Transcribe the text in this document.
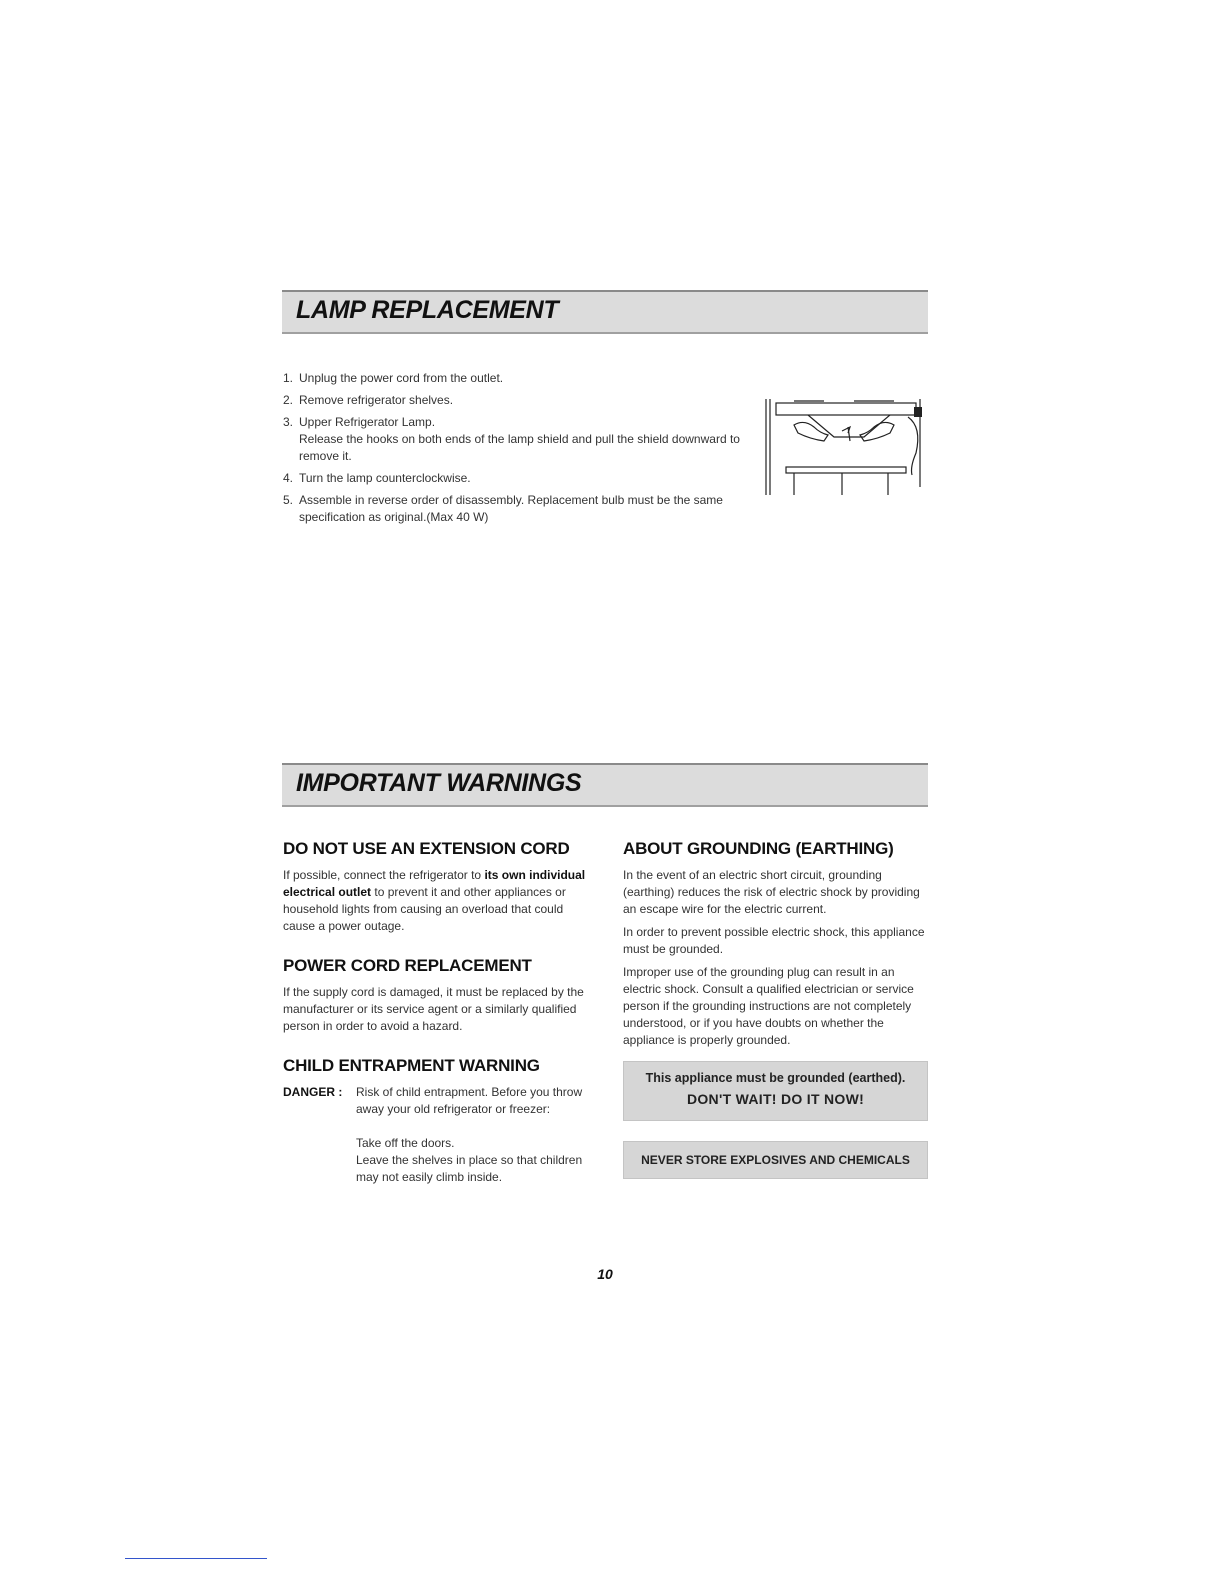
LAMP REPLACEMENT
1. Unplug the power cord from the outlet.
2. Remove refrigerator shelves.
3. Upper Refrigerator Lamp.
Release the hooks on both ends of the lamp shield and pull the shield downward to remove it.
4. Turn the lamp counterclockwise.
5. Assemble in reverse order of disassembly. Replacement bulb must be the same specification as original.(Max 40 W)
IMPORTANT WARNINGS
DO NOT USE AN EXTENSION CORD
If possible, connect the refrigerator to its own individual electrical outlet to prevent it and other appliances or household lights from causing an overload that could cause a power outage.
POWER CORD REPLACEMENT
If the supply cord is damaged, it must be replaced by the manufacturer or its service agent or a similarly qualified person in order to avoid a hazard.
CHILD ENTRAPMENT WARNING
DANGER :	Risk of child entrapment. Before you throw away your old refrigerator or freezer:
Take off the doors.
Leave the shelves in place so that children may not easily climb inside.
ABOUT GROUNDING (EARTHING)
In the event of an electric short circuit, grounding (earthing) reduces the risk of electric shock by providing an escape wire for the electric current.
In order to prevent possible electric shock, this appliance must be grounded.
Improper use of the grounding plug can result in an electric shock. Consult a qualified electrician or service person if the grounding instructions are not completely understood, or if you have doubts on whether the appliance is properly grounded.
This appliance must be grounded (earthed).
DON'T WAIT! DO IT NOW!
NEVER STORE EXPLOSIVES AND CHEMICALS
10
